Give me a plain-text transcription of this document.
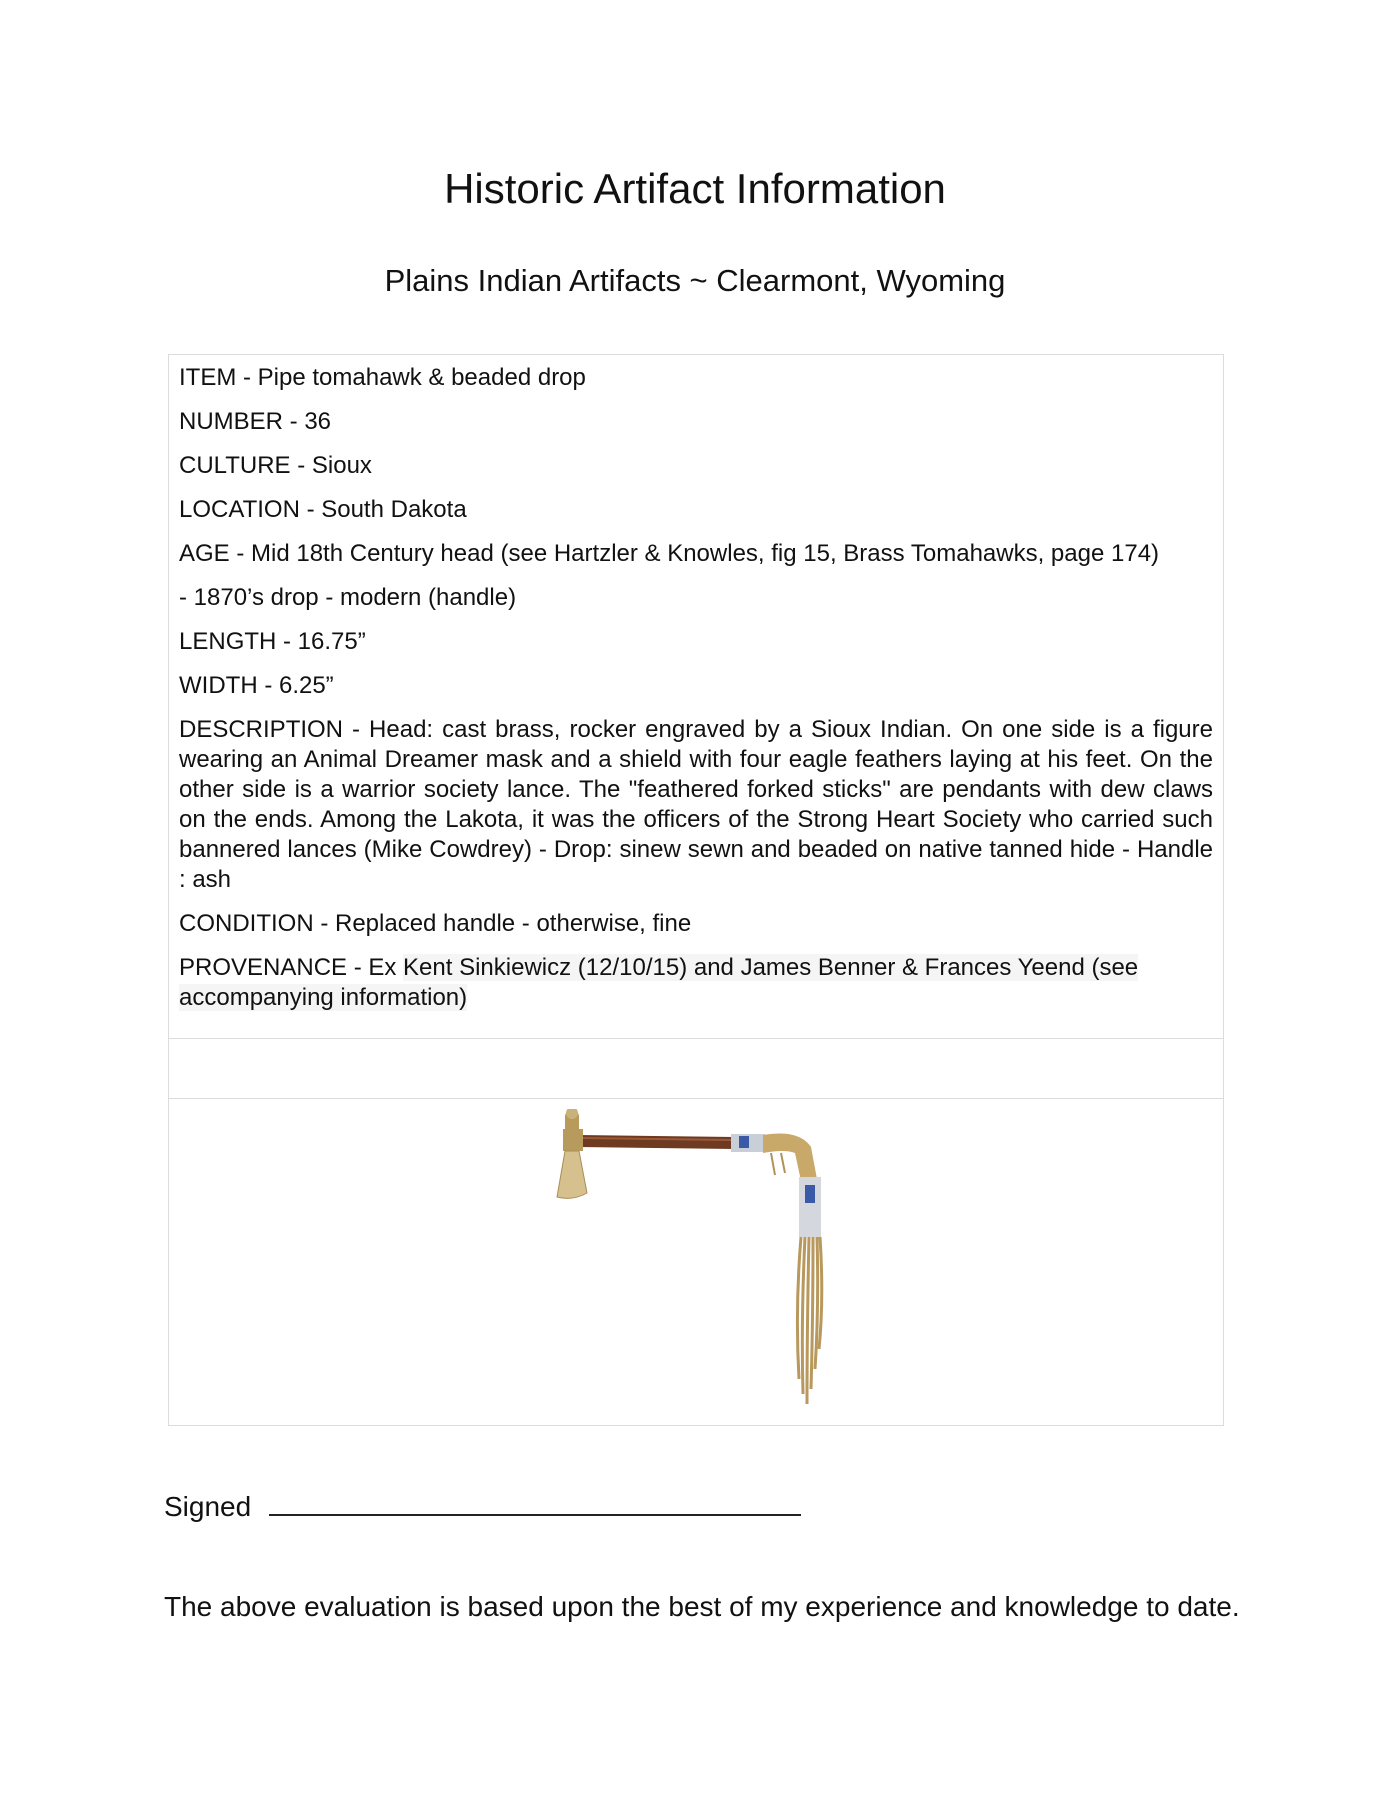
Historic Artifact Information
Plains Indian Artifacts ~ Clearmont, Wyoming

ITEM - Pipe tomahawk & beaded drop

NUMBER - 36

CULTURE - Sioux

LOCATION - South Dakota

AGE - Mid 18th Century head (see Hartzler & Knowles, fig 15, Brass Tomahawks, page 174)

- 1870’s drop - modern (handle)

LENGTH - 16.75”

WIDTH - 6.25”

DESCRIPTION - Head: cast brass, rocker engraved by a Sioux Indian. On one side is a figure wearing an Animal Dreamer mask and a shield with four eagle feathers laying at his feet. On the other side is a warrior society lance. The "feathered forked sticks" are pendants with dew claws on the ends. Among the Lakota, it was the officers of the Strong Heart Society who carried such bannered lances (Mike Cowdrey) - Drop: sinew sewn and beaded on native tanned hide - Handle : ash

CONDITION - Replaced handle - otherwise, fine

PROVENANCE - Ex Kent Sinkiewicz (12/10/15) and James Benner & Frances Yeend (see accompanying information)

Signed

The above evaluation is based upon the best of my experience and knowledge to date.
